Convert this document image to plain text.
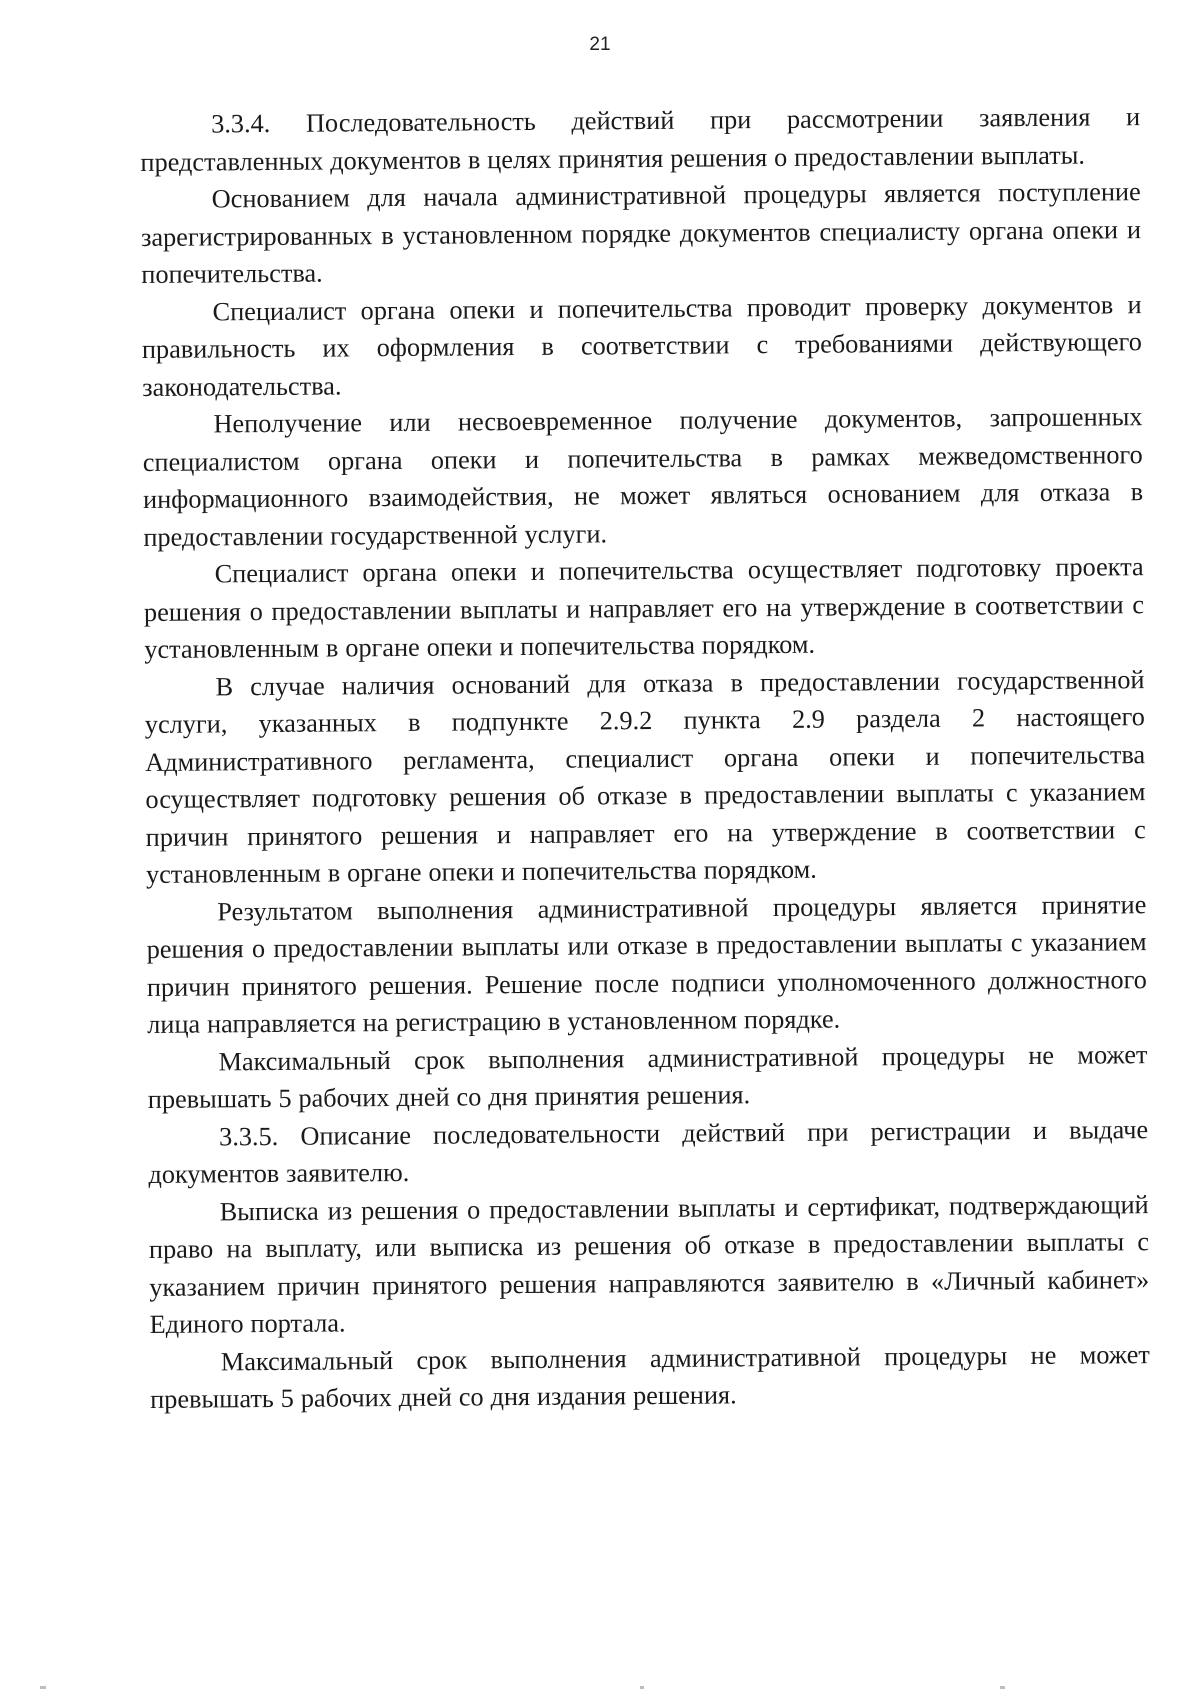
21

3.3.4. Последовательность действий при рассмотрении заявления и представленных документов в целях принятия решения о предоставлении выплаты.

Основанием для начала административной процедуры является поступление зарегистрированных в установленном порядке документов специалисту органа опеки и попечительства.

Специалист органа опеки и попечительства проводит проверку документов и правильность их оформления в соответствии с требованиями действующего законодательства.

Неполучение или несвоевременное получение документов, запрошенных специалистом органа опеки и попечительства в рамках межведомственного информационного взаимодействия, не может являться основанием для отказа в предоставлении государственной услуги.

Специалист органа опеки и попечительства осуществляет подготовку проекта решения о предоставлении выплаты и направляет его на утверждение в соответствии с установленным в органе опеки и попечительства порядком.

В случае наличия оснований для отказа в предоставлении государственной услуги, указанных в подпункте 2.9.2 пункта 2.9 раздела 2 настоящего Административного регламента, специалист органа опеки и попечительства осуществляет подготовку решения об отказе в предоставлении выплаты с указанием причин принятого решения и направляет его на утверждение в соответствии с установленным в органе опеки и попечительства порядком.

Результатом выполнения административной процедуры является принятие решения о предоставлении выплаты или отказе в предоставлении выплаты с указанием причин принятого решения. Решение после подписи уполномоченного должностного лица направляется на регистрацию в установленном порядке.

Максимальный срок выполнения административной процедуры не может превышать 5 рабочих дней со дня принятия решения.

3.3.5. Описание последовательности действий при регистрации и выдаче документов заявителю.

Выписка из решения о предоставлении выплаты и сертификат, подтверждающий право на выплату, или выписка из решения об отказе в предоставлении выплаты с указанием причин принятого решения направляются заявителю в «Личный кабинет» Единого портала.

Максимальный срок выполнения административной процедуры не может превышать 5 рабочих дней со дня издания решения.
